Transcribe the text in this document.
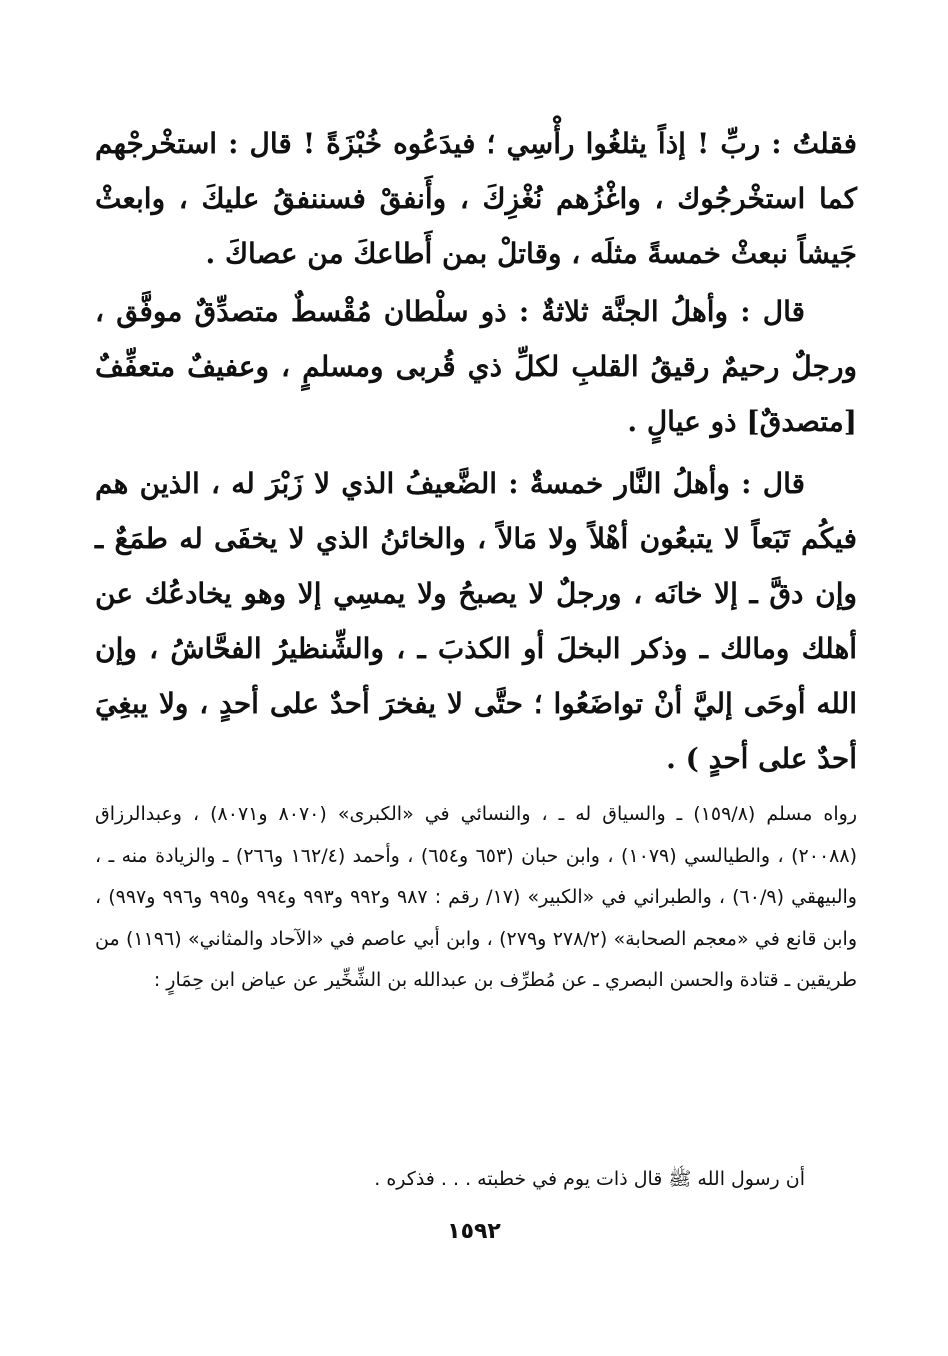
فقلتُ : ربِّ ! إذاً يثلغُوا رأْسِي ؛ فيدَعُوه خُبْزَةً ! قال : استخْرجْهم كما استخْرجُوك ، واغْزُهم نُغْزِكَ ، وأَنفقْ فسننفقُ عليكَ ، وابعثْ جَيشاً نبعثْ خمسةً مثلَه ، وقاتلْ بمن أَطاعكَ من عصاكَ .

قال : وأهلُ الجنَّة ثلاثةٌ : ذو سلْطان مُقْسطٌ متصدِّقٌ موفَّق ، ورجلٌ رحيمٌ رقيقُ القلبِ لكلِّ ذي قُربى ومسلمٍ ، وعفيفٌ متعفِّفٌ [متصدقٌ] ذو عيالٍ .

قال : وأهلُ النَّار خمسةٌ : الضَّعيفُ الذي لا زَبْرَ له ، الذين هم فيكُم تَبَعاً لا يتبعُون أهْلاً ولا مَالاً ، والخائنُ الذي لا يخفَى له طمَعٌ ـ وإن دقَّ ـ إلا خانَه ، ورجلٌ لا يصبحُ ولا يمسِي إلا وهو يخادعُك عن أهلك ومالك ـ وذكر البخلَ أو الكذبَ ـ ، والشِّنظيرُ الفحَّاشُ ، وإن الله أوحَى إليَّ أنْ تواضَعُوا ؛ حتَّى لا يفخرَ أحدٌ على أحدٍ ، ولا يبغِيَ أحدٌ على أحدٍ ) .

رواه مسلم (١٥٩/٨) ـ والسياق له ـ ، والنسائي في «الكبرى» (٨٠٧٠ و٨٠٧١) ، وعبدالرزاق (٢٠٠٨٨) ، والطيالسي (١٠٧٩) ، وابن حبان (٦٥٣ و٦٥٤) ، وأحمد (١٦٢/٤ و٢٦٦) ـ والزيادة منه ـ ، والبيهقي (٦٠/٩) ، والطبراني في «الكبير» (١٧/ رقم : ٩٨٧ و٩٩٢ و٩٩٣ و٩٩٤ و٩٩٥ و٩٩٦ و٩٩٧) ، وابن قانع في «معجم الصحابة» (٢٧٨/٢ و٢٧٩) ، وابن أبي عاصم في «الآحاد والمثاني» (١١٩٦) من طريقين ـ قتادة والحسن البصري ـ عن مُطرِّف بن عبدالله بن الشِّخِّير عن عياض ابن حِمَارٍ :

أن رسول الله ﷺ قال ذات يوم في خطبته . . . فذكره .

١٥٩٢
